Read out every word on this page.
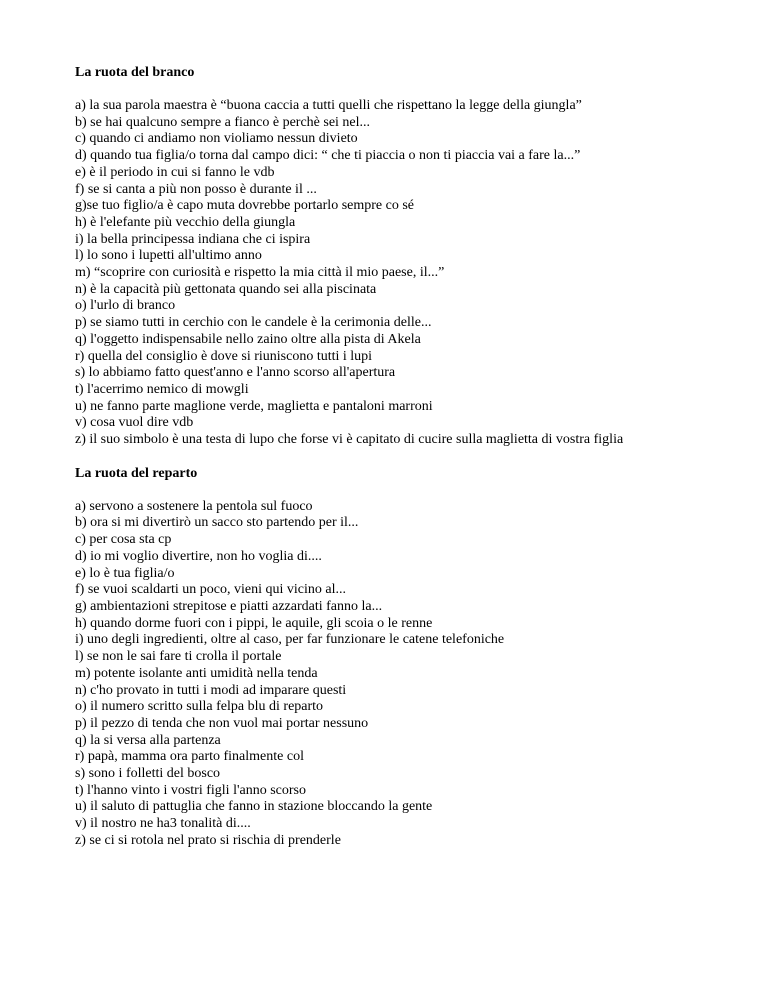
La ruota del branco
a) la sua parola maestra è “buona caccia a tutti quelli che rispettano la legge della giungla”
b) se hai qualcuno sempre a fianco è perchè sei nel...
c) quando ci andiamo non violiamo nessun divieto
d) quando tua figlia/o torna dal campo dici: “ che ti piaccia o non ti piaccia vai a fare la...”
e) è il periodo in cui si fanno le vdb
f) se si canta a più non posso è durante il ...
g)se tuo figlio/a è capo muta dovrebbe portarlo sempre co sé
h) è l'elefante più vecchio della giungla
i) la bella principessa indiana che ci ispira
l) lo sono i lupetti all'ultimo anno
m) “scoprire con curiosità e rispetto la mia città il mio paese, il...”
n) è la capacità più gettonata quando sei alla piscinata
o) l'urlo di branco
p) se siamo tutti in cerchio con le candele è la cerimonia delle...
q) l'oggetto indispensabile nello zaino oltre alla pista di Akela
r) quella del consiglio è dove si riuniscono tutti i lupi
s) lo abbiamo fatto quest'anno e l'anno scorso all'apertura
t) l'acerrimo nemico di mowgli
u) ne fanno parte maglione verde, maglietta e pantaloni marroni
v) cosa vuol dire vdb
z) il suo simbolo è una testa di lupo che forse vi è capitato di cucire sulla maglietta di vostra figlia
La ruota del reparto
a) servono a sostenere la pentola sul fuoco
b) ora si mi divertirò un sacco sto partendo per il...
c) per cosa sta cp
d) io mi voglio divertire, non ho voglia di....
e) lo è tua figlia/o
f) se vuoi scaldarti un poco, vieni qui vicino al...
g) ambientazioni strepitose e piatti azzardati fanno la...
h) quando dorme fuori con i pippi, le aquile, gli scoia o le renne
i) uno degli ingredienti, oltre al caso, per far funzionare le catene telefoniche
l) se non le sai fare ti crolla il portale
m) potente isolante anti umidità nella tenda
n) c'ho provato in tutti i modi ad imparare questi
o) il numero scritto sulla felpa blu di reparto
p) il pezzo di tenda che non vuol mai portar nessuno
q) la si versa alla partenza
r) papà, mamma ora parto finalmente col
s) sono i folletti del bosco
t) l'hanno vinto i vostri figli l'anno scorso
u) il saluto di pattuglia che fanno in stazione bloccando la gente
v) il nostro ne ha3 tonalità di....
z) se ci si rotola nel prato si rischia di prenderle
